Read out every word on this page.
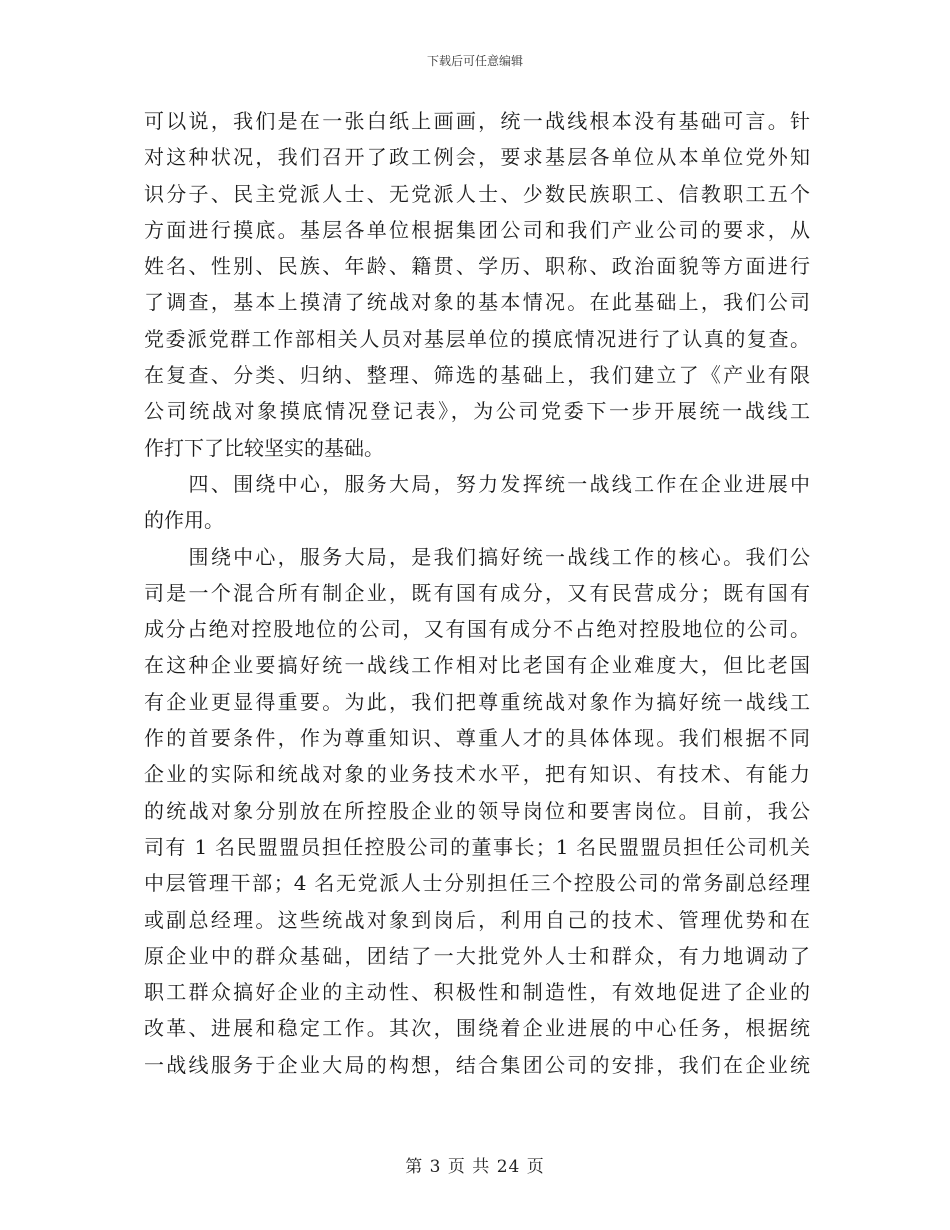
下载后可任意编辑
可以说，我们是在一张白纸上画画，统一战线根本没有基础可言。针
对这种状况，我们召开了政工例会，要求基层各单位从本单位党外知
识分子、民主党派人士、无党派人士、少数民族职工、信教职工五个
方面进行摸底。基层各单位根据集团公司和我们产业公司的要求，从
姓名、性别、民族、年龄、籍贯、学历、职称、政治面貌等方面进行
了调查，基本上摸清了统战对象的基本情况。在此基础上，我们公司
党委派党群工作部相关人员对基层单位的摸底情况进行了认真的复查。
在复查、分类、归纳、整理、筛选的基础上，我们建立了《产业有限
公司统战对象摸底情况登记表》，为公司党委下一步开展统一战线工
作打下了比较坚实的基础。
　　四、围绕中心，服务大局，努力发挥统一战线工作在企业进展中
的作用。
　　围绕中心，服务大局，是我们搞好统一战线工作的核心。我们公
司是一个混合所有制企业，既有国有成分，又有民营成分；既有国有
成分占绝对控股地位的公司，又有国有成分不占绝对控股地位的公司。
在这种企业要搞好统一战线工作相对比老国有企业难度大，但比老国
有企业更显得重要。为此，我们把尊重统战对象作为搞好统一战线工
作的首要条件，作为尊重知识、尊重人才的具体体现。我们根据不同
企业的实际和统战对象的业务技术水平，把有知识、有技术、有能力
的统战对象分别放在所控股企业的领导岗位和要害岗位。目前，我公
司有 1 名民盟盟员担任控股公司的董事长；1 名民盟盟员担任公司机关
中层管理干部；4 名无党派人士分别担任三个控股公司的常务副总经理
或副总经理。这些统战对象到岗后，利用自己的技术、管理优势和在
原企业中的群众基础，团结了一大批党外人士和群众，有力地调动了
职工群众搞好企业的主动性、积极性和制造性，有效地促进了企业的
改革、进展和稳定工作。其次，围绕着企业进展的中心任务，根据统
一战线服务于企业大局的构想，结合集团公司的安排，我们在企业统
第 3 页 共 24 页
